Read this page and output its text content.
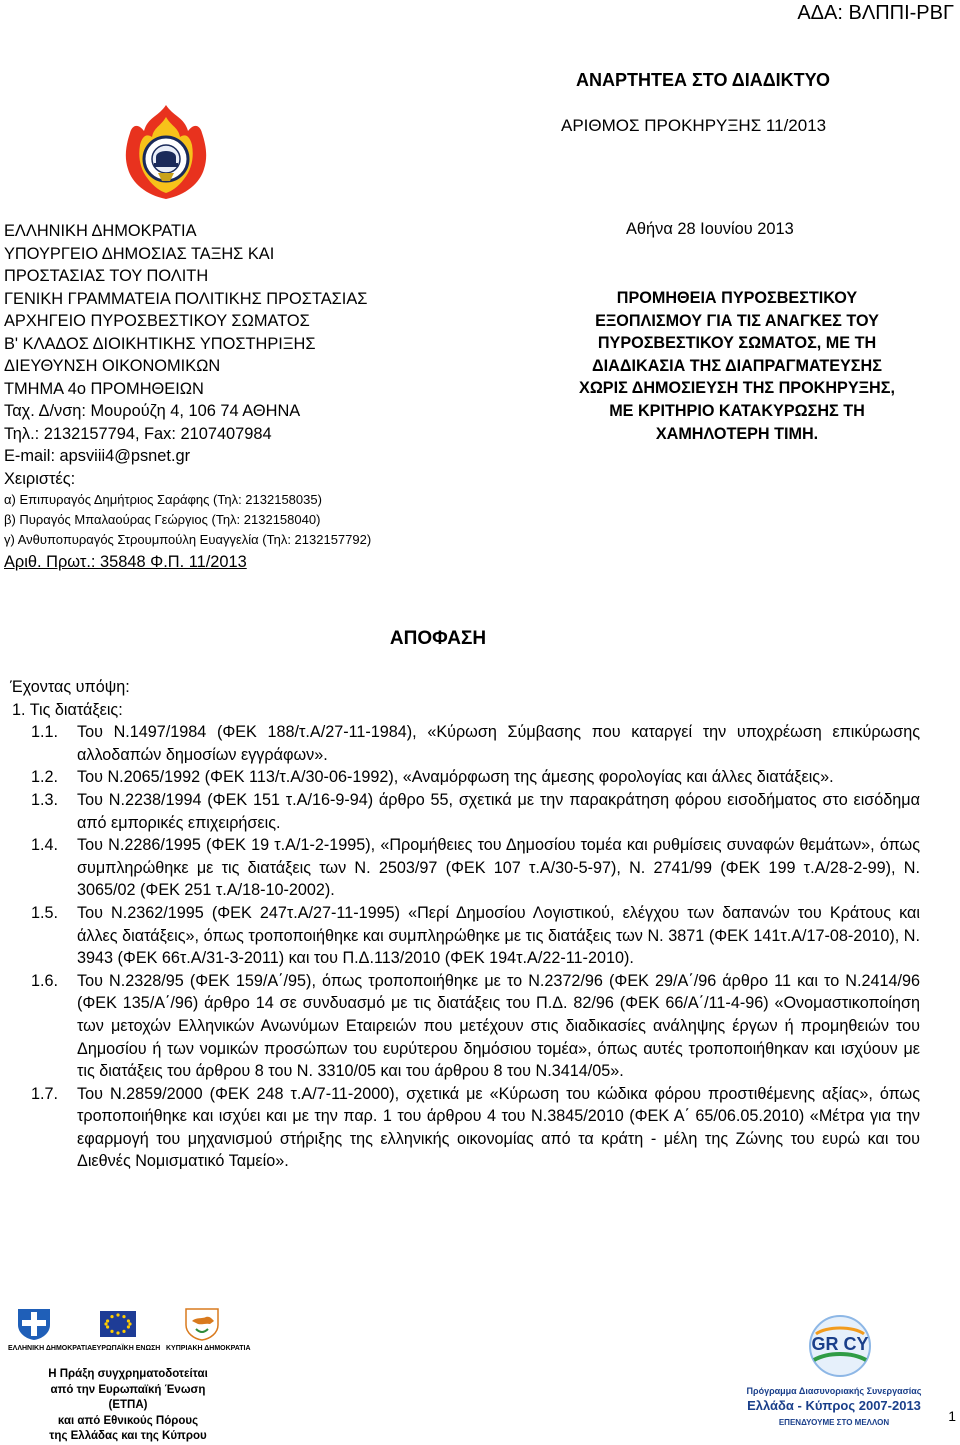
ΑΔΑ: ΒΛΠΠΙ-ΡΒΓ
ΑΝΑΡΤΗΤΕΑ ΣΤΟ ΔΙΑΔΙΚΤΥΟ
ΑΡΙΘΜΟΣ ΠΡΟΚΗΡΥΞΗΣ 11/2013
ΕΛΛΗΝΙΚΗ ΔΗΜΟΚΡΑΤΙΑ
ΥΠΟΥΡΓΕΙΟ ΔΗΜΟΣΙΑΣ ΤΑΞΗΣ ΚΑΙ
ΠΡΟΣΤΑΣΙΑΣ ΤΟΥ ΠΟΛΙΤΗ
ΓΕΝΙΚΗ ΓΡΑΜΜΑΤΕΙΑ ΠΟΛΙΤΙΚΗΣ ΠΡΟΣΤΑΣΙΑΣ
ΑΡΧΗΓΕΙΟ ΠΥΡΟΣΒΕΣΤΙΚΟΥ ΣΩΜΑΤΟΣ
Β' ΚΛΑΔΟΣ ΔΙΟΙΚΗΤΙΚΗΣ ΥΠΟΣΤΗΡΙΞΗΣ
ΔΙΕΥΘΥΝΣΗ ΟΙΚΟΝΟΜΙΚΩΝ
ΤΜΗΜΑ 4ο ΠΡΟΜΗΘΕΙΩΝ
Ταχ. Δ/νση: Μουρούζη 4, 106 74 ΑΘΗΝΑ
Τηλ.: 2132157794, Fax: 2107407984
E-mail: apsviii4@psnet.gr
Χειριστές:
α) Επιπυραγός Δημήτριος Σαράφης (Τηλ: 2132158035)
β) Πυραγός Μπαλαούρας Γεώργιος (Τηλ: 2132158040)
γ) Ανθυποπυραγός Στρουμπούλη Ευαγγελία (Τηλ: 2132157792)
Αριθ. Πρωτ.: 35848 Φ.Π. 11/2013
Αθήνα 28 Ιουνίου 2013
ΠΡΟΜΗΘΕΙΑ ΠΥΡΟΣΒΕΣΤΙΚΟΥ ΕΞΟΠΛΙΣΜΟΥ ΓΙΑ ΤΙΣ ΑΝΑΓΚΕΣ ΤΟΥ ΠΥΡΟΣΒΕΣΤΙΚΟΥ ΣΩΜΑΤΟΣ, ΜΕ ΤΗ ΔΙΑΔΙΚΑΣΙΑ ΤΗΣ ΔΙΑΠΡΑΓΜΑΤΕΥΣΗΣ ΧΩΡΙΣ ΔΗΜΟΣΙΕΥΣΗ ΤΗΣ ΠΡΟΚΗΡΥΞΗΣ, ΜΕ ΚΡΙΤΗΡΙΟ ΚΑΤΑΚΥΡΩΣΗΣ ΤΗ ΧΑΜΗΛΟΤΕΡΗ ΤΙΜΗ.
ΑΠΟΦΑΣΗ
Έχοντας υπόψη:
1. Τις διατάξεις:
1.1. Του Ν.1497/1984 (ΦΕΚ 188/τ.Α/27-11-1984), «Κύρωση Σύμβασης που καταργεί την υποχρέωση επικύρωσης αλλοδαπών δημοσίων εγγράφων».
1.2. Του Ν.2065/1992 (ΦΕΚ 113/τ.Α/30-06-1992), «Αναμόρφωση της άμεσης φορολογίας και άλλες διατάξεις».
1.3. Του Ν.2238/1994 (ΦΕΚ 151 τ.Α/16-9-94) άρθρο 55, σχετικά με την παρακράτηση φόρου εισοδήματος στο εισόδημα από εμπορικές επιχειρήσεις.
1.4. Του Ν.2286/1995 (ΦΕΚ 19 τ.Α/1-2-1995), «Προμήθειες του Δημοσίου τομέα και ρυθμίσεις συναφών θεμάτων», όπως συμπληρώθηκε με τις διατάξεις των Ν. 2503/97 (ΦΕΚ 107 τ.Α/30-5-97), Ν. 2741/99 (ΦΕΚ 199 τ.Α/28-2-99), Ν. 3065/02 (ΦΕΚ 251 τ.Α/18-10-2002).
1.5. Του Ν.2362/1995 (ΦΕΚ 247τ.Α/27-11-1995) «Περί Δημοσίου Λογιστικού, ελέγχου των δαπανών του Κράτους και άλλες διατάξεις», όπως τροποποιήθηκε και συμπληρώθηκε με τις διατάξεις των Ν. 3871 (ΦΕΚ 141τ.Α/17-08-2010), Ν. 3943 (ΦΕΚ 66τ.Α/31-3-2011) και του Π.Δ.113/2010 (ΦΕΚ 194τ.Α/22-11-2010).
1.6. Του Ν.2328/95 (ΦΕΚ 159/Α΄/95), όπως τροποποιήθηκε με το Ν.2372/96 (ΦΕΚ 29/Α΄/96 άρθρο 11 και το Ν.2414/96 (ΦΕΚ 135/Α΄/96) άρθρο 14 σε συνδυασμό με τις διατάξεις του Π.Δ. 82/96 (ΦΕΚ 66/Α΄/11-4-96) «Ονομαστικοποίηση των μετοχών Ελληνικών Ανωνύμων Εταιρειών που μετέχουν στις διαδικασίες ανάληψης έργων ή προμηθειών του Δημοσίου ή των νομικών προσώπων του ευρύτερου δημόσιου τομέα», όπως αυτές τροποποιήθηκαν και ισχύουν με τις διατάξεις του άρθρου 8 του Ν. 3310/05 και του άρθρου 8 του Ν.3414/05».
1.7. Του Ν.2859/2000 (ΦΕΚ 248 τ.Α/7-11-2000), σχετικά με «Κύρωση του κώδικα φόρου προστιθέμενης αξίας», όπως τροποποιήθηκε και ισχύει και με την παρ. 1 του άρθρου 4 του Ν.3845/2010 (ΦΕΚ Α΄ 65/06.05.2010) «Μέτρα για την εφαρμογή του μηχανισμού στήριξης της ελληνικής οικονομίας από τα κράτη - μέλη της Ζώνης του ευρώ και του Διεθνές Νομισματικό Ταμείο».
ΕΛΛΗΝΙΚΗ ΔΗΜΟΚΡΑΤΙΑ ΕΥΡΩΠΑΪΚΗ ΕΝΩΣΗ ΚΥΠΡΙΑΚΗ ΔΗΜΟΚΡΑΤΙΑ
Η Πράξη συγχρηματοδοτείται
από την Ευρωπαϊκή Ένωση (ΕΤΠΑ)
και από Εθνικούς Πόρους
της Ελλάδας και της Κύπρου
GR CY
Πρόγραμμα Διασυνοριακής Συνεργασίας
Ελλάδα - Κύπρος 2007-2013
ΕΠΕΝΔΥΟΥΜΕ ΣΤΟ ΜΕΛΛΟΝ	1
